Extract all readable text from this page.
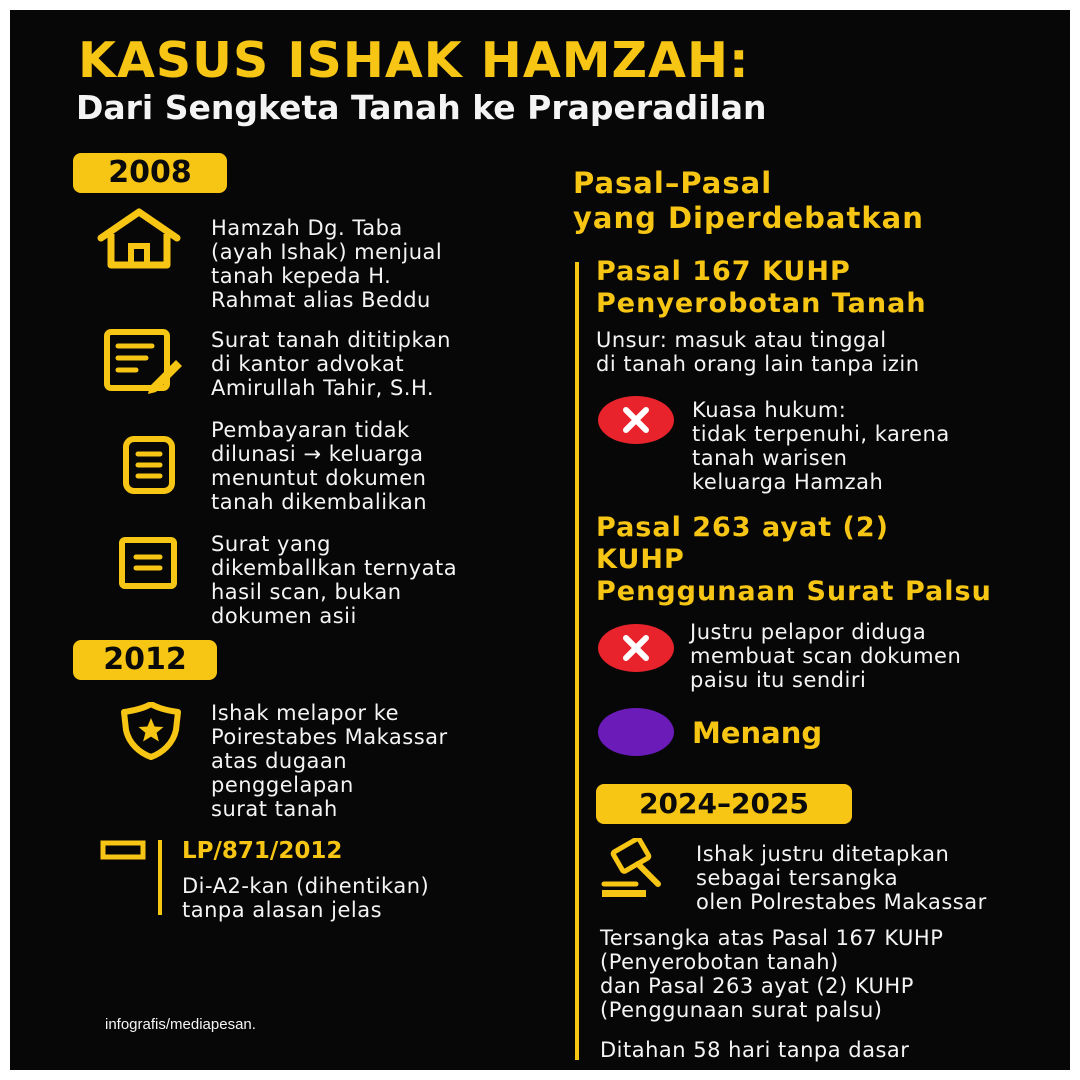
KASUS ISHAK HAMZAH:
Dari Sengketa Tanah ke Praperadilan
2008
Hamzah Dg. Taba
(ayah Ishak) menjual
tanah kepeda H.
Rahmat alias Beddu
Surat tanah dititipkan
di kantor advokat
Amirullah Tahir, S.H.
Pembayaran tidak
dilunasi → keluarga
menuntut dokumen
tanah dikembalikan
Surat yang
dikemballkan ternyata
hasil scan, bukan
dokumen asii
2012
Ishak melapor ke
Poirestabes Makassar
atas dugaan
penggelapan
surat tanah
LP/871/2012
Di-A2-kan (dihentikan)
tanpa alasan jelas
Pasal–Pasal
yang Diperdebatkan
Pasal 167 KUHP
Penyerobotan Tanah
Unsur: masuk atau tinggal
di tanah orang lain tanpa izin
Kuasa hukum:
tidak terpenuhi, karena
tanah warisen
keluarga Hamzah
Pasal 263 ayat (2)
KUHP
Penggunaan Surat Palsu
Justru pelapor diduga
membuat scan dokumen
paisu itu sendiri
Menang
2024–2025
Ishak justru ditetapkan
sebagai tersangka
olen Polrestabes Makassar
Tersangka atas Pasal 167 KUHP
(Penyerobotan tanah)
dan Pasal 263 ayat (2) KUHP
(Penggunaan surat palsu)
Ditahan 58 hari tanpa dasar
infografis/mediapesan.
